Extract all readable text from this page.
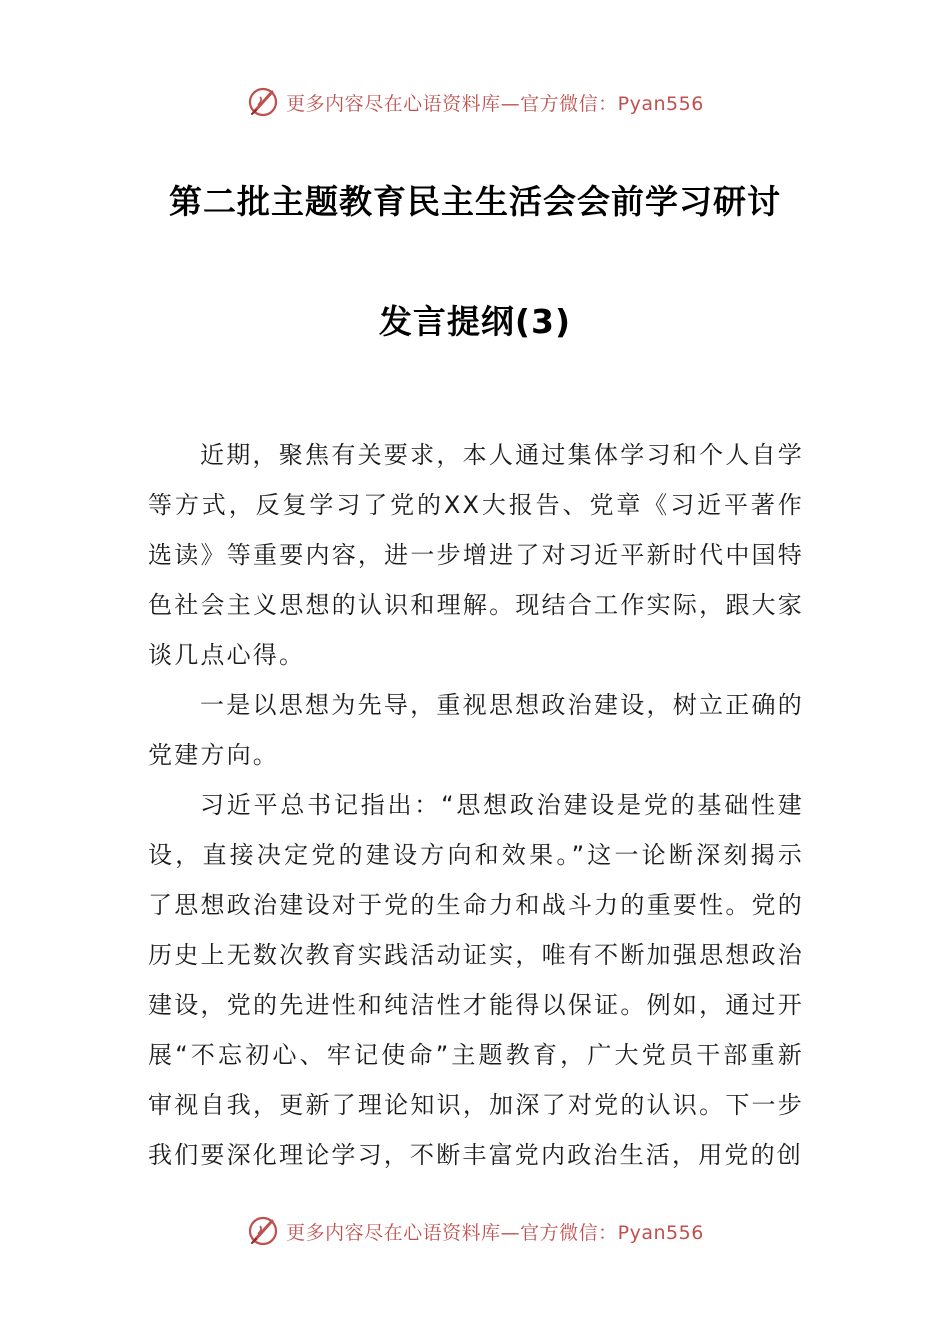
更多内容尽在心语资料库—官方微信：Pyan556
第二批主题教育民主生活会会前学习研讨
发言提纲(3)

近期，聚焦有关要求，本人通过集体学习和个人自学等方式，反复学习了党的XX大报告、党章《习近平著作选读》等重要内容，进一步增进了对习近平新时代中国特色社会主义思想的认识和理解。现结合工作实际，跟大家谈几点心得。

一是以思想为先导，重视思想政治建设，树立正确的党建方向。

习近平总书记指出：“思想政治建设是党的基础性建设，直接决定党的建设方向和效果。”这一论断深刻揭示了思想政治建设对于党的生命力和战斗力的重要性。党的历史上无数次教育实践活动证实，唯有不断加强思想政治建设，党的先进性和纯洁性才能得以保证。例如，通过开展“不忘初心、牢记使命”主题教育，广大党员干部重新审视自我，更新了理论知识，加深了对党的认识。下一步我们要深化理论学习，不断丰富党内政治生活，用党的创

更多内容尽在心语资料库—官方微信：Pyan556
